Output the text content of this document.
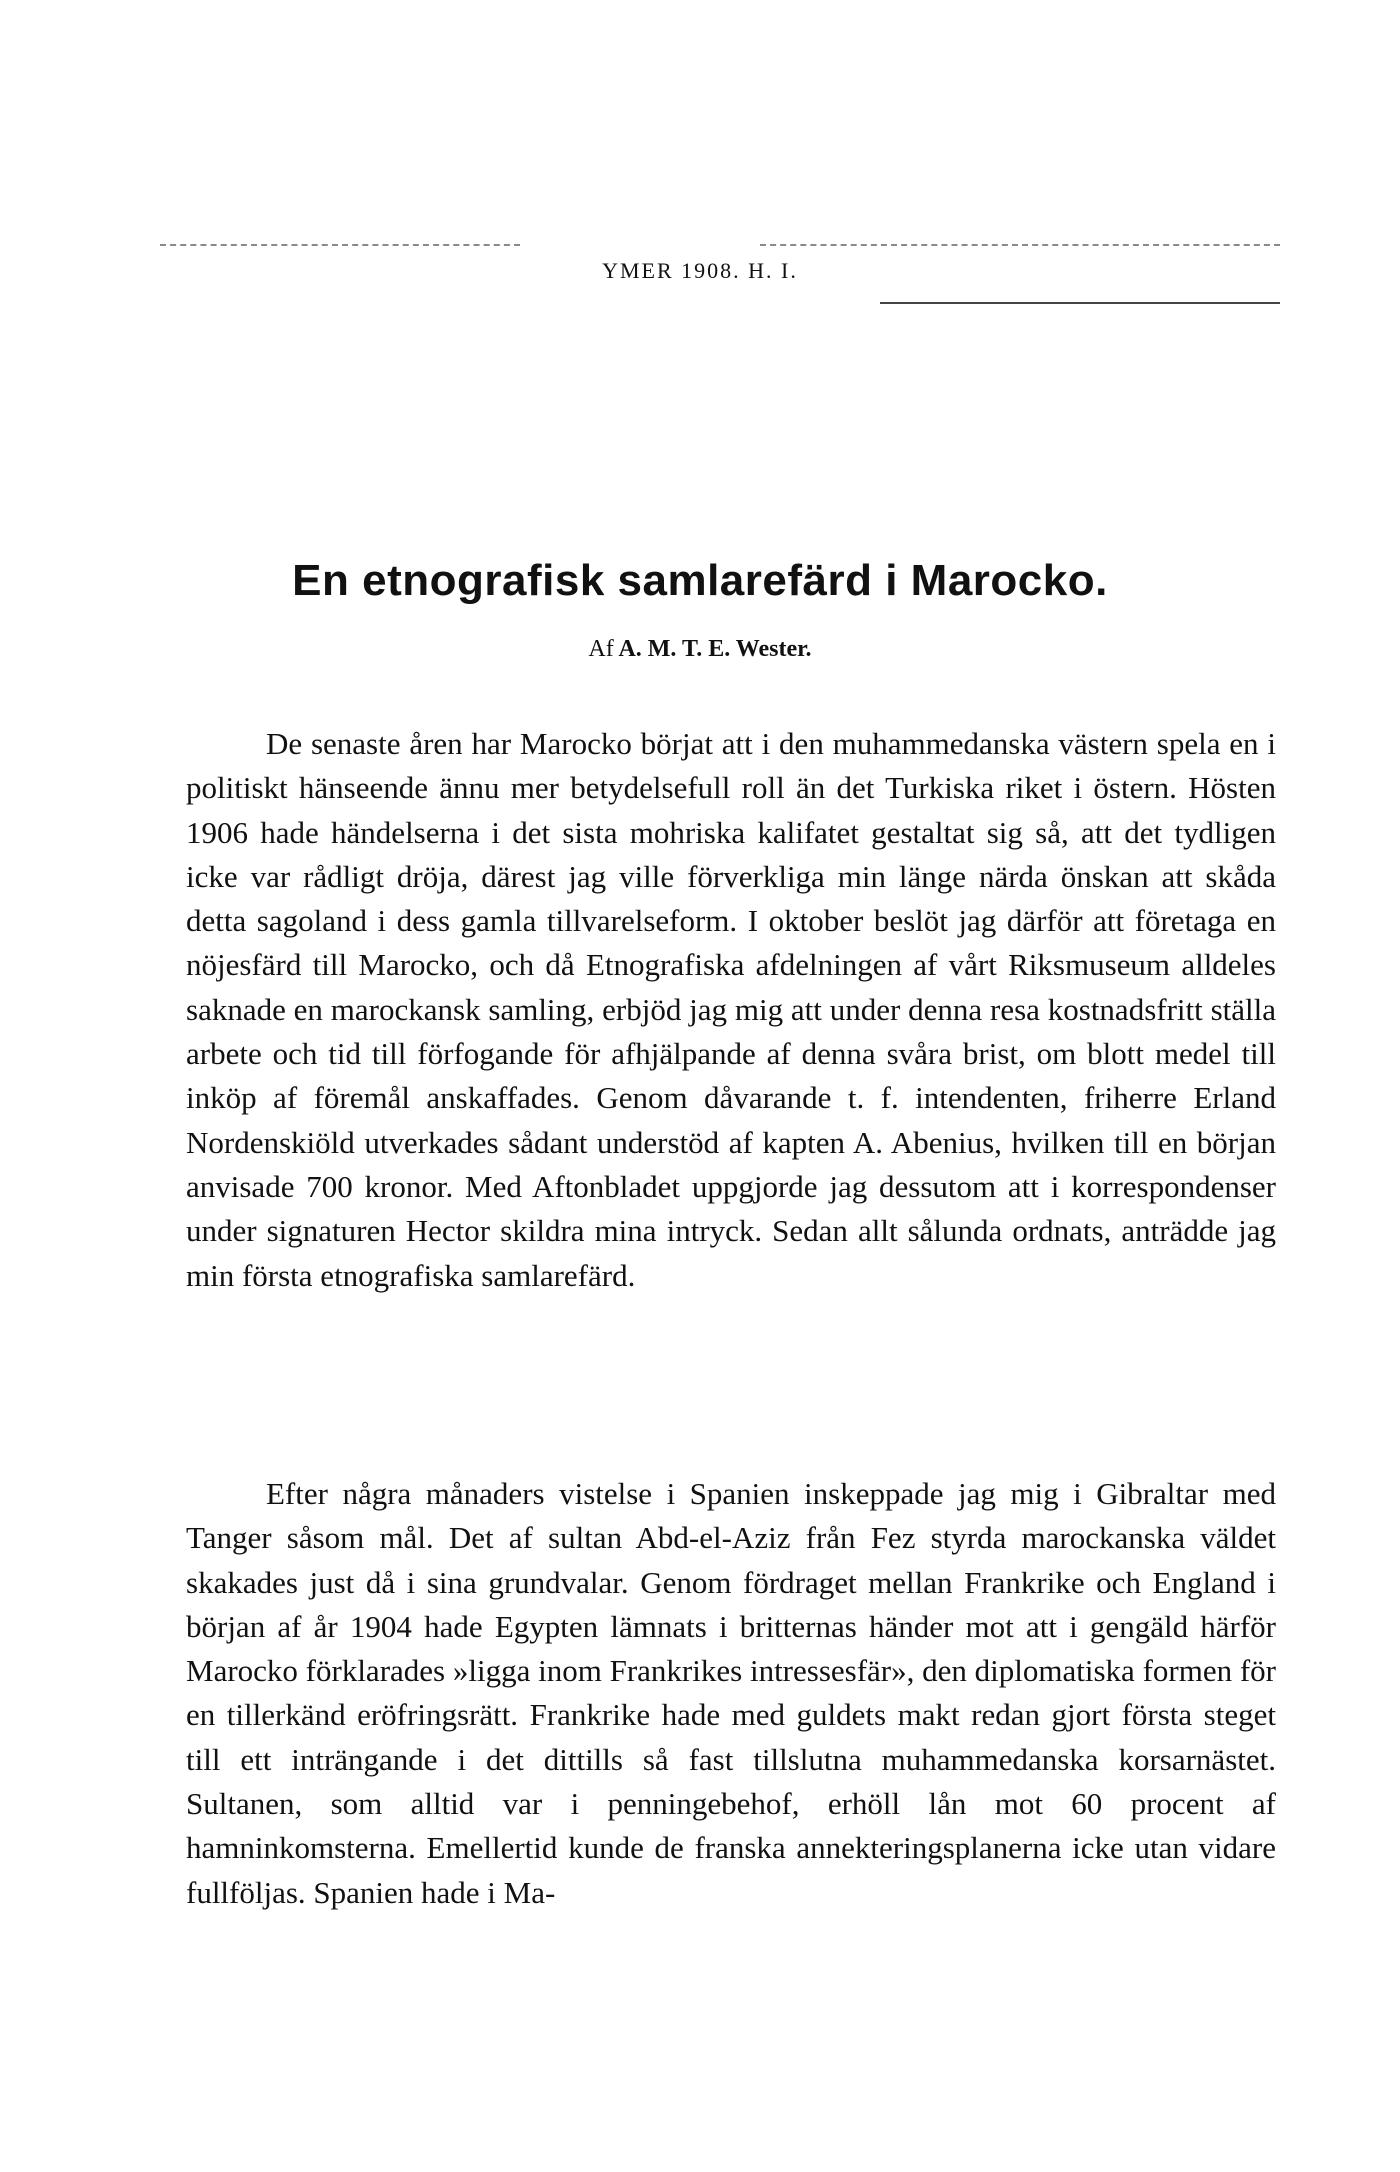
YMER 1908. H. I.
En etnografisk samlarefärd i Marocko.
Af A. M. T. E. Wester.

De senaste åren har Marocko börjat att i den muhammedanska västern spela en i politiskt hänseende ännu mer betydelsefull roll än det Turkiska riket i östern. Hösten 1906 hade händelserna i det sista mohriska kalifatet gestaltat sig så, att det tydligen icke var rådligt dröja, därest jag ville förverkliga min länge närda önskan att skåda detta sagoland i dess gamla tillvarelseform. I oktober beslöt jag därför att företaga en nöjesfärd till Marocko, och då Etnografiska afdelningen af vårt Riksmuseum alldeles saknade en marockansk samling, erbjöd jag mig att under denna resa kostnadsfritt ställa arbete och tid till förfogande för afhjälpande af denna svåra brist, om blott medel till inköp af föremål anskaffades. Genom dåvarande t. f. intendenten, friherre Erland Nordenskiöld utverkades sådant understöd af kapten A. Abenius, hvilken till en början anvisade 700 kronor. Med Aftonbladet uppgjorde jag dessutom att i korrespondenser under signaturen Hector skildra mina intryck. Sedan allt sålunda ordnats, anträdde jag min första etnografiska samlarefärd.

Efter några månaders vistelse i Spanien inskeppade jag mig i Gibraltar med Tanger såsom mål. Det af sultan Abd-el-Aziz från Fez styrda marockanska väldet skakades just då i sina grundvalar. Genom fördraget mellan Frankrike och England i början af år 1904 hade Egypten lämnats i britternas händer mot att i gengäld härför Marocko förklarades »ligga inom Frankrikes intressesfär», den diplomatiska formen för en tillerkänd eröfringsrätt. Frankrike hade med guldets makt redan gjort första steget till ett inträngande i det dittills så fast tillslutna muhammedanska korsarnästet. Sultanen, som alltid var i penningebehof, erhöll lån mot 60 procent af hamninkomsterna. Emellertid kunde de franska annekteringsplanerna icke utan vidare fullföljas. Spanien hade i Ma-
